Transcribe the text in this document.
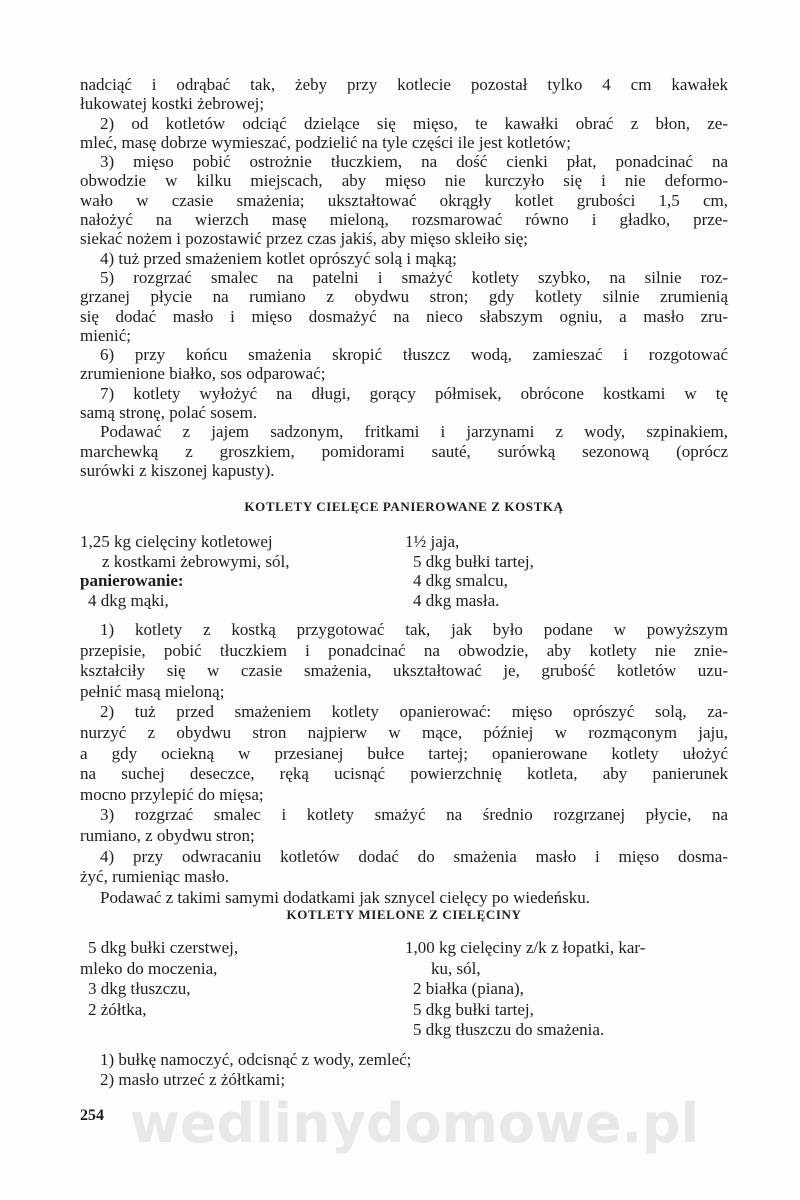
nadciąć i odrąbać tak, żeby przy kotlecie pozostał tylko 4 cm kawałek
łukowatej kostki żebrowej;
2) od kotletów odciąć dzielące się mięso, te kawałki obrać z błon, ze-
mleć, masę dobrze wymieszać, podzielić na tyle części ile jest kotletów;
3) mięso pobić ostrożnie tłuczkiem, na dość cienki płat, ponadcinać na
obwodzie w kilku miejscach, aby mięso nie kurczyło się i nie deformo-
wało w czasie smażenia; ukształtować okrągły kotlet grubości 1,5 cm,
nałożyć na wierzch masę mieloną, rozsmarować równo i gładko, prze-
siekać nożem i pozostawić przez czas jakiś, aby mięso skleiło się;
4) tuż przed smażeniem kotlet oprószyć solą i mąką;
5) rozgrzać smalec na patelni i smażyć kotlety szybko, na silnie roz-
grzanej płycie na rumiano z obydwu stron; gdy kotlety silnie zrumienią
się dodać masło i mięso dosmażyć na nieco słabszym ogniu, a masło zru-
mienić;
6) przy końcu smażenia skropić tłuszcz wodą, zamieszać i rozgotować
zrumienione białko, sos odparować;
7) kotlety wyłożyć na długi, gorący półmisek, obrócone kostkami w tę
samą stronę, polać sosem.
Podawać z jajem sadzonym, fritkami i jarzynami z wody, szpinakiem,
marchewką z groszkiem, pomidorami sauté, surówką sezonową (oprócz
surówki z kiszonej kapusty).
KOTLETY CIELĘCE PANIEROWANE Z KOSTKĄ
1,25 kg cielęciny kotletowej
z kostkami żebrowymi, sól,
panierowanie:
4 dkg mąki,
1½ jaja,
5 dkg bułki tartej,
4 dkg smalcu,
4 dkg masła.
1) kotlety z kostką przygotować tak, jak było podane w powyższym
przepisie, pobić tłuczkiem i ponadcinać na obwodzie, aby kotlety nie znie-
kształciły się w czasie smażenia, ukształtować je, grubość kotletów uzu-
pełnić masą mieloną;
2) tuż przed smażeniem kotlety opanierować: mięso oprószyć solą, za-
nurzyć z obydwu stron najpierw w mące, później w rozmąconym jaju,
a gdy ociekną w przesianej bułce tartej; opanierowane kotlety ułożyć
na suchej deseczce, ręką ucisnąć powierzchnię kotleta, aby panierunek
mocno przylepić do mięsa;
3) rozgrzać smalec i kotlety smażyć na średnio rozgrzanej płycie, na
rumiano, z obydwu stron;
4) przy odwracaniu kotletów dodać do smażenia masło i mięso dosma-
żyć, rumieniąc masło.
Podawać z takimi samymi dodatkami jak sznycel cielęcy po wiedeńsku.
KOTLETY MIELONE Z CIELĘCINY
5 dkg bułki czerstwej,
mleko do moczenia,
3 dkg tłuszczu,
2 żółtka,
1,00 kg cielęciny z/k z łopatki, kar-
ku, sól,
2 białka (piana),
5 dkg bułki tartej,
5 dkg tłuszczu do smażenia.
1) bułkę namoczyć, odcisnąć z wody, zemleć;
2) masło utrzeć z żółtkami;
wedlinydomowe.pl
254
